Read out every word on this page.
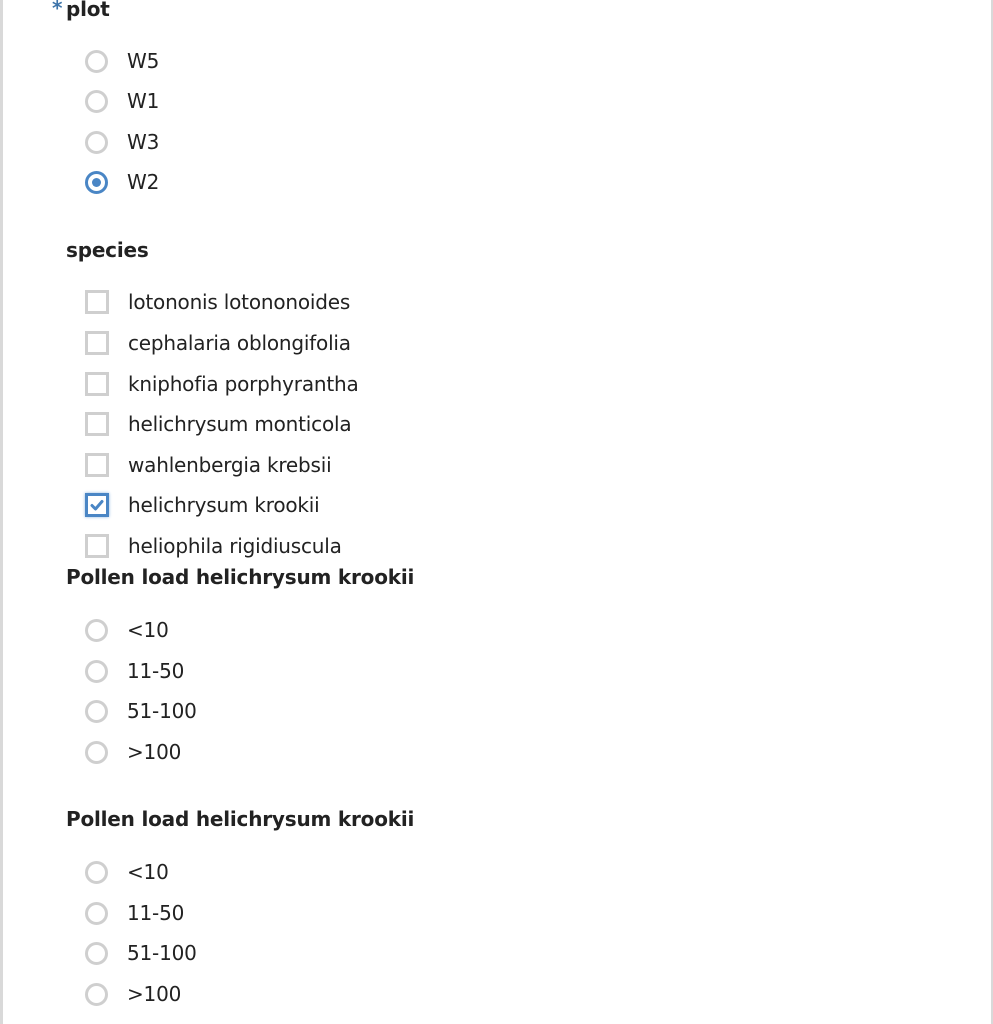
* plot
W5
W1
W3
W2
species
lotononis lotononoides
cephalaria oblongifolia
kniphofia porphyrantha
helichrysum monticola
wahlenbergia krebsii
helichrysum krookii
heliophila rigidiuscula
Pollen load helichrysum krookii
<10
11-50
51-100
>100
Pollen load helichrysum krookii
<10
11-50
51-100
>100
